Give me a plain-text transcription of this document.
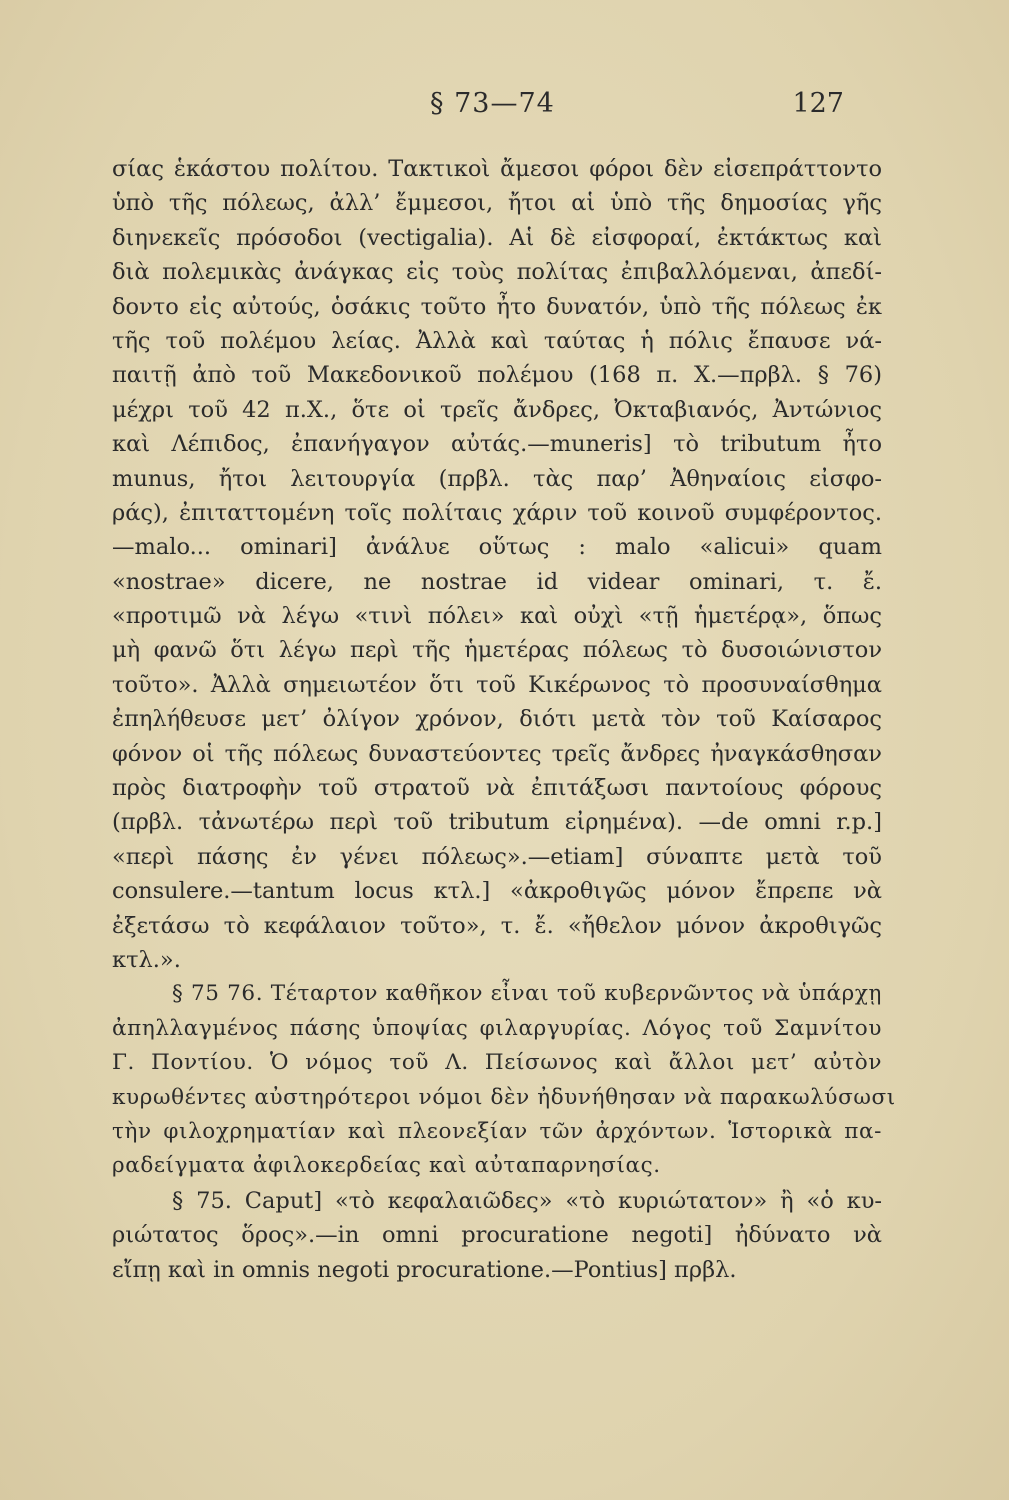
§ 73—74	127
σίας ἑκάστου πολίτου. Τακτικοὶ ἄμεσοι φόροι δὲν εἰσεπράττοντο
ὑπὸ τῆς πόλεως, ἀλλ’ ἔμμεσοι, ἤτοι αἱ ὑπὸ τῆς δημοσίας γῆς
διηνεκεῖς πρόσοδοι (vectigalia). Αἱ δὲ εἰσφοραί, ἐκτάκτως καὶ
διὰ πολεμικὰς ἀνάγκας εἰς τοὺς πολίτας ἐπιβαλλόμεναι, ἀπεδί-
δοντο εἰς αὐτούς, ὁσάκις τοῦτο ἦτο δυνατόν, ὑπὸ τῆς πόλεως ἐκ
τῆς τοῦ πολέμου λείας. Ἀλλὰ καὶ ταύτας ἡ πόλις ἔπαυσε νά-
παιτῇ ἀπὸ τοῦ Μακεδονικοῦ πολέμου (168 π. Χ.—πρβλ. § 76)
μέχρι τοῦ 42 π.Χ., ὅτε οἱ τρεῖς ἄνδρες, Ὀκταβιανός, Ἀντώνιος
καὶ Λέπιδος, ἐπανήγαγον αὐτάς.—muneris] τὸ tributum ἦτο
munus, ἤτοι λειτουργία (πρβλ. τὰς παρ’ Ἀθηναίοις εἰσφο-
ράς), ἐπιταττομένη τοῖς πολίταις χάριν τοῦ κοινοῦ συμφέροντος.
—malo... ominari] ἀνάλυε οὕτως : malo «alicui» quam
«nostrae» dicere, ne nostrae id videar ominari, τ. ἔ.
«προτιμῶ νὰ λέγω «τινὶ πόλει» καὶ οὐχὶ «τῇ ἡμετέρᾳ», ὅπως
μὴ φανῶ ὅτι λέγω περὶ τῆς ἡμετέρας πόλεως τὸ δυσοιώνιστον
τοῦτο». Ἀλλὰ σημειωτέον ὅτι τοῦ Κικέρωνος τὸ προσυναίσθημα
ἐπηλήθευσε μετ’ ὀλίγον χρόνον, διότι μετὰ τὸν τοῦ Καίσαρος
φόνον οἱ τῆς πόλεως δυναστεύοντες τρεῖς ἄνδρες ἠναγκάσθησαν
πρὸς διατροφὴν τοῦ στρατοῦ νὰ ἐπιτάξωσι παντοίους φόρους
(πρβλ. τἀνωτέρω περὶ τοῦ tributum εἰρημένα). —de omni r.p.]
«περὶ πάσης ἐν γένει πόλεως».—etiam] σύναπτε μετὰ τοῦ
consulere.—tantum locus κτλ.] «ἀκροθιγῶς μόνον ἔπρεπε νὰ
ἐξετάσω τὸ κεφάλαιον τοῦτο», τ. ἔ. «ἤθελον μόνον ἀκροθιγῶς
κτλ.».
§ 75 76. Τέταρτον καθῆκον εἶναι τοῦ κυβερνῶντος νὰ ὑπάρχῃ
ἀπηλλαγμένος πάσης ὑποψίας φιλαργυρίας. Λόγος τοῦ Σαμνίτου
Γ. Ποντίου. Ὁ νόμος τοῦ Λ. Πείσωνος καὶ ἄλλοι μετ’ αὐτὸν
κυρωθέντες αὐστηρότεροι νόμοι δὲν ἠδυνήθησαν νὰ παρακωλύσωσι
τὴν φιλοχρηματίαν καὶ πλεονεξίαν τῶν ἀρχόντων. Ἱστορικὰ πα-
ραδείγματα ἀφιλοκερδείας καὶ αὐταπαρνησίας.
§ 75. Caput] «τὸ κεφαλαιῶδες» «τὸ κυριώτατον» ἢ «ὁ κυ-
ριώτατος ὅρος».—in omni procuratione negoti] ἠδύνατο νὰ
εἴπῃ καὶ in omnis negoti procuratione.—Pontius] πρβλ.
